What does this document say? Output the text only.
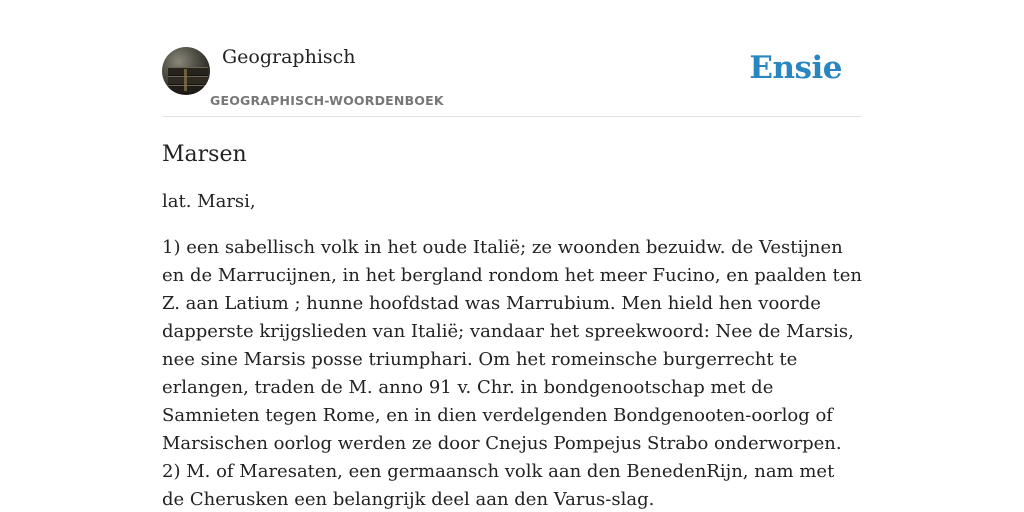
Geographisch
GEOGRAPHISCH-WOORDENBOEK
Ensie
Marsen

lat. Marsi,

1) een sabellisch volk in het oude Italië; ze woonden bezuidw. de Vestijnen en de Marrucijnen, in het bergland rondom het meer Fucino, en paalden ten Z. aan Latium ; hunne hoofdstad was Marrubium. Men hield hen voorde dapperste krijgslieden van Italië; vandaar het spreekwoord: Nee de Marsis, nee sine Marsis posse triumphari. Om het romeinsche burgerrecht te erlangen, traden de M. anno 91 v. Chr. in bondgenootschap met de Samnieten tegen Rome, en in dien verdelgenden Bondgenooten-oorlog of Marsischen oorlog werden ze door Cnejus Pompejus Strabo onderworpen.
2) M. of Maresaten, een germaansch volk aan den BenedenRijn, nam met de Cherusken een belangrijk deel aan den Varus-slag.
